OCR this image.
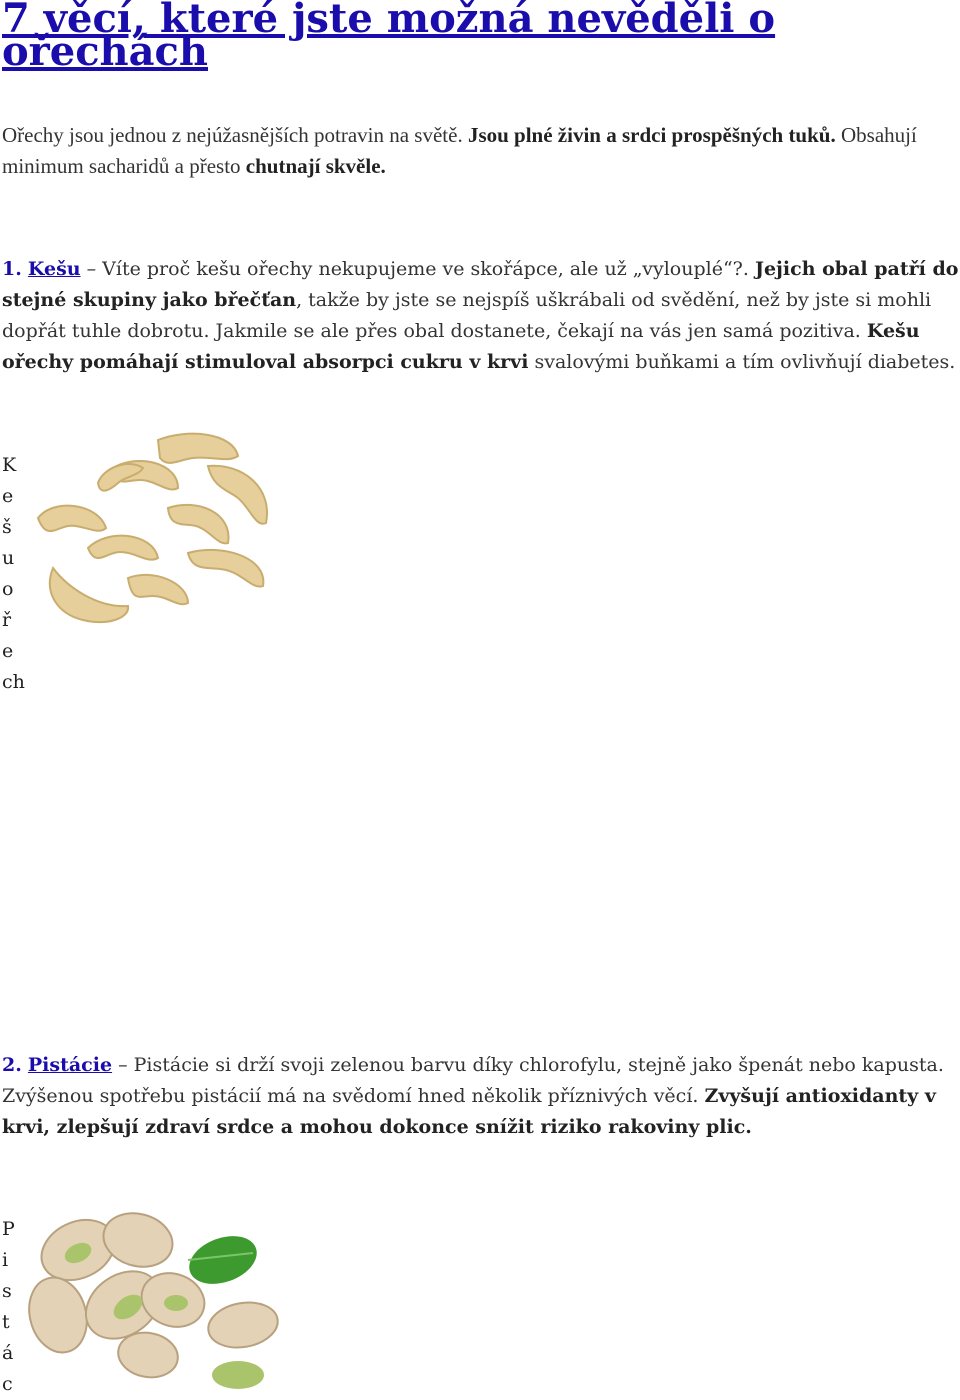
7 věcí, které jste možná nevěděli o ořechách

Ořechy jsou jednou z nejúžasnějších potravin na světě. Jsou plné živin a srdci prospěšných tuků. Obsahují minimum sacharidů a přesto chutnají skvěle.

1. Kešu – Víte proč kešu ořechy nekupujeme ve skořápce, ale už „vylouplé“?. Jejich obal patří do stejné skupiny jako břečťan, takže by jste se nejspíš uškrábali od svědění, než by jste si mohli dopřát tuhle dobrotu. Jakmile se ale přes obal dostanete, čekají na vás jen samá pozitiva. Kešu ořechy pomáhají stimuloval absorpci cukru v krvi svalovými buňkami a tím ovlivňují diabetes.

K
e
š
u
o
ř
e
ch

2. Pistácie – Pistácie si drží svoji zelenou barvu díky chlorofylu, stejně jako špenát nebo kapusta. Zvýšenou spotřebu pistácií má na svědomí hned několik příznivých věcí. Zvyšují antioxidanty v krvi, zlepšují zdraví srdce a mohou dokonce snížit riziko rakoviny plic.

P
i
s
t
á
c
